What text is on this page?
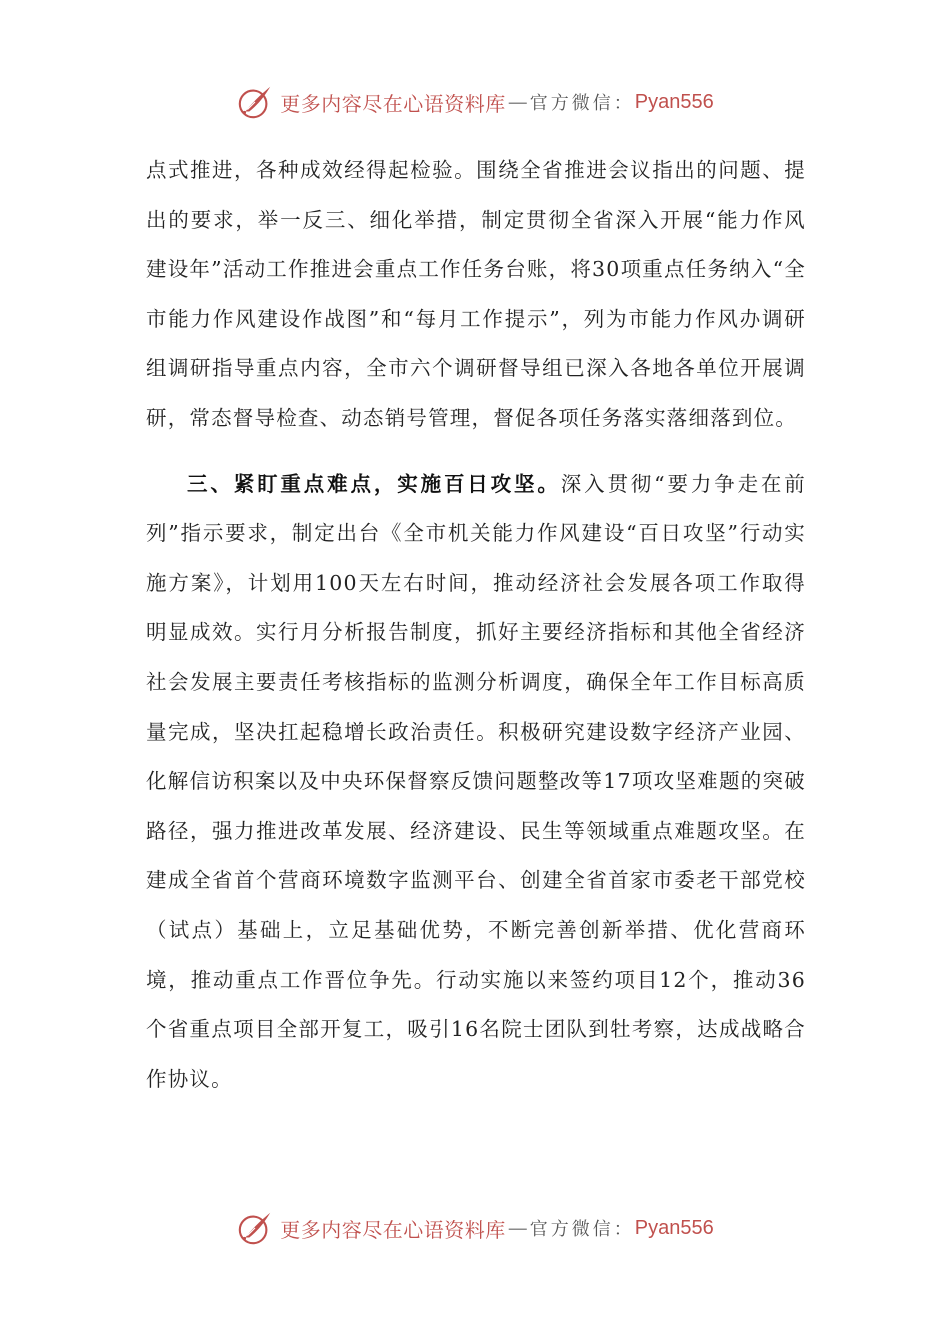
更多内容尽在心语资料库 — 官方微信： Pyan556

点式推进，各种成效经得起检验。围绕全省推进会议指出的问题、提出的要求，举一反三、细化举措，制定贯彻全省深入开展“能力作风建设年”活动工作推进会重点工作任务台账，将30项重点任务纳入“全市能力作风建设作战图”和“每月工作提示”，列为市能力作风办调研组调研指导重点内容，全市六个调研督导组已深入各地各单位开展调研，常态督导检查、动态销号管理，督促各项任务落实落细落到位。

三、紧盯重点难点，实施百日攻坚。深入贯彻“要力争走在前列”指示要求，制定出台《全市机关能力作风建设“百日攻坚”行动实施方案》，计划用100天左右时间，推动经济社会发展各项工作取得明显成效。实行月分析报告制度，抓好主要经济指标和其他全省经济社会发展主要责任考核指标的监测分析调度，确保全年工作目标高质量完成，坚决扛起稳增长政治责任。积极研究建设数字经济产业园、化解信访积案以及中央环保督察反馈问题整改等17项攻坚难题的突破路径，强力推进改革发展、经济建设、民生等领域重点难题攻坚。在建成全省首个营商环境数字监测平台、创建全省首家市委老干部党校（试点）基础上，立足基础优势，不断完善创新举措、优化营商环境，推动重点工作晋位争先。行动实施以来签约项目12个，推动36个省重点项目全部开复工，吸引16名院士团队到牡考察，达成战略合作协议。

更多内容尽在心语资料库 — 官方微信： Pyan556
